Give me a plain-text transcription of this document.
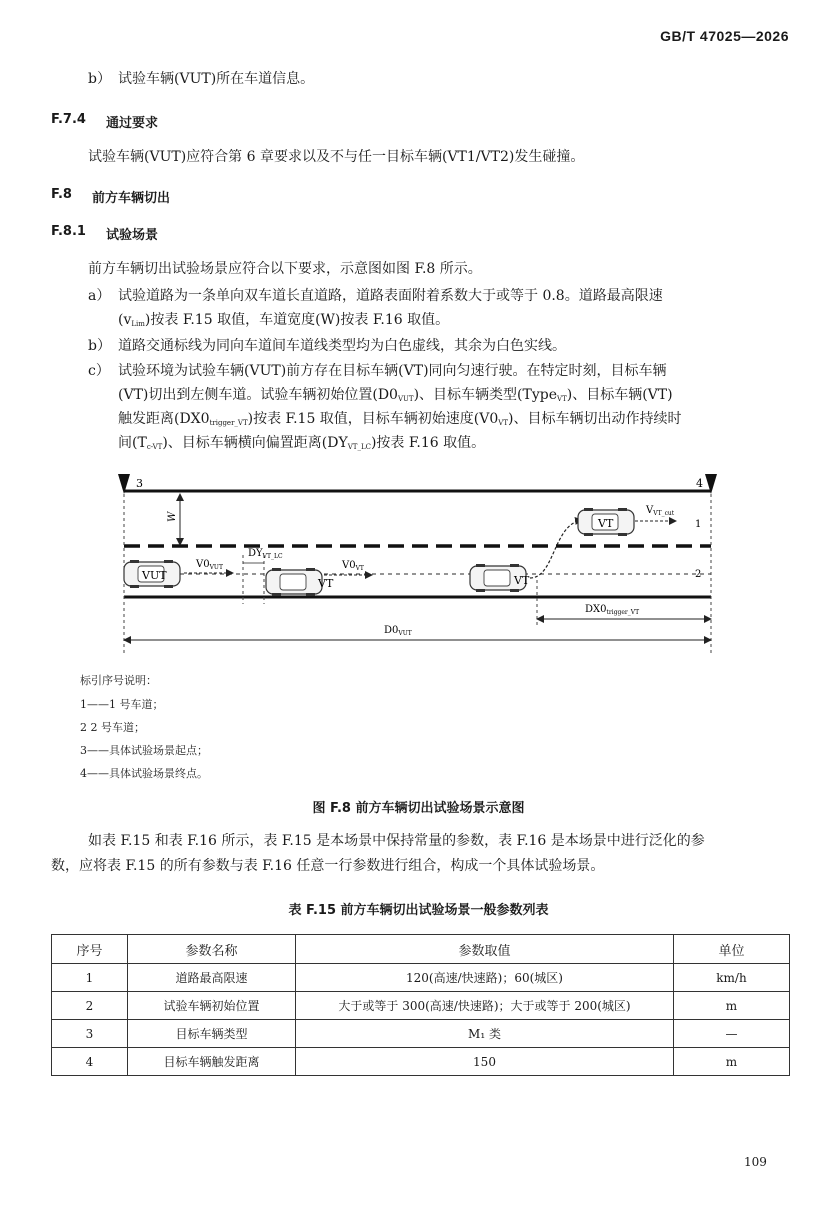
GB/T 47025—2026
b） 试验车辆(VUT)所在车道信息。
F.7.4 通过要求
试验车辆(VUT)应符合第 6 章要求以及不与任一目标车辆(VT1/VT2)发生碰撞。
F.8 前方车辆切出
F.8.1 试验场景
前方车辆切出试验场景应符合以下要求，示意图如图 F.8 所示。
a） 试验道路为一条单向双车道长直道路，道路表面附着系数大于或等于 0.8。道路最高限速
$(v_{Lim})$按表 F.15 取值，车道宽度(W)按表 F.16 取值。
b） 道路交通标线为同向车道间车道线类型均为白色虚线，其余为白色实线。
c） 试验环境为试验车辆(VUT)前方存在目标车辆(VT)同向匀速行驶。在特定时刻，目标车辆
(VT)切出到左侧车道。试验车辆初始位置$(D0_{VUT})$、目标车辆类型(Type$_{VT}$)、目标车辆(VT)
触发距离$(DX0_{trigger\_VT})$按表 F.15 取值，目标车辆初始速度$(V0_{VT})$、目标车辆切出动作持续时
间$(T_{c-VT})$、目标车辆横向偏置距离$(DY_{VT\_LC})$按表 F.16 取值。
3	4
W
1
2
VUT
$V0_{VUT}$
$DY_{VT\_LC}$
VT
$V0_{VT}$
VT
VT
$V_{VT\_cut}$
$DX0_{trigger\_VT}$
$D0_{VUT}$
标引序号说明：
1——1 号车道；
2 2 号车道；
3——具体试验场景起点；
4——具体试验场景终点。
图 F.8 前方车辆切出试验场景示意图
如表 F.15 和表 F.16 所示，表 F.15 是本场景中保持常量的参数，表 F.16 是本场景中进行泛化的参
数，应将表 F.15 的所有参数与表 F.16 任意一行参数进行组合，构成一个具体试验场景。
表 F.15 前方车辆切出试验场景一般参数列表
序号	参数名称	参数取值	单位
1	道路最高限速	120(高速/快速路)；60(城区)	km/h
2	试验车辆初始位置	大于或等于 300(高速/快速路)；大于或等于 200(城区)	m
3	目标车辆类型	M₁ 类	—
4	目标车辆触发距离	150	m
109
